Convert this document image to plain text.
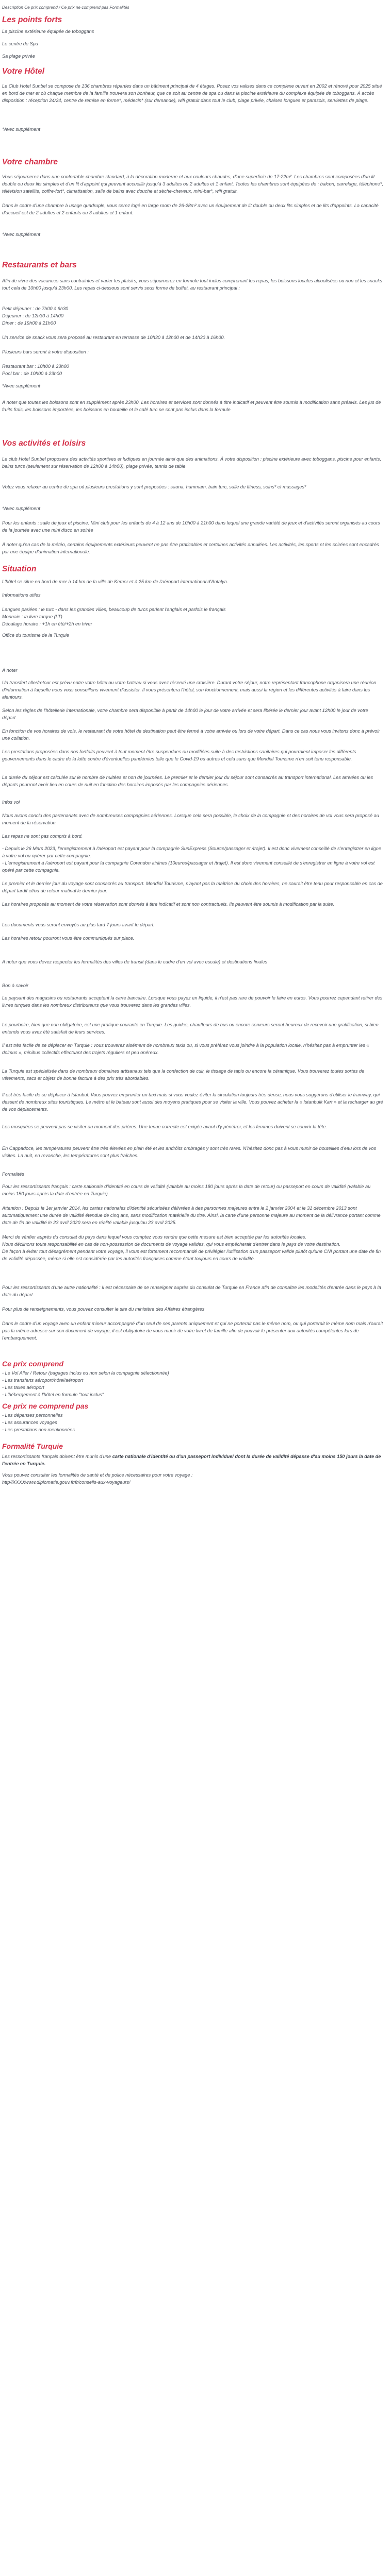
Description Ce prix comprend / Ce prix ne comprend pas Formalités

Les points forts

La piscine extérieure équipée de toboggans

Le centre de Spa

Sa plage privée

Votre Hôtel

Le Club Hotel Sunbel se compose de 136 chambres réparties dans un bâtiment principal de 4 étages. Posez vos valises dans ce complexe ouvert en 2002 et rénové pour 2025 situé en bord de mer et où chaque membre de la famille trouvera son bonheur, que ce soit au centre de spa ou dans la piscine extérieure du complexe équipée de toboggans. À accès
disposition : réception 24/24, centre de remise en forme*, médecin* (sur demande), wifi gratuit dans tout le club, plage privée, chaises longues et parasols, serviettes de plage.

*Avec supplément

Votre chambre

Vous séjournerez dans une confortable chambre standard, à la décoration moderne et aux couleurs chaudes, d'une superficie de 17-22m². Les chambres sont composées d'un lit double ou deux lits simples et d'un lit d'appoint qui peuvent accueillir jusqu'à 3 adultes ou 2 adultes et 1 enfant. Toutes les chambres sont équipées de : balcon, carrelage, téléphone*, télévision satellite, coffre-fort*, climatisation, salle de bains avec douche et sèche-cheveux, mini-bar*, wifi gratuit.

Dans le cadre d'une chambre à usage quadruple, vous serez logé en large room de 26-28m² avec un équipement de lit double ou deux lits simples et de lits d'appoints. La capacité d'accueil est de 2 adultes et 2 enfants ou 3 adultes et 1 enfant.

*Avec supplément

Restaurants et bars

Afin de vivre des vacances sans contraintes et varier les plaisirs, vous séjournerez en formule tout inclus comprenant les repas, les boissons locales alcoolisées ou non et les snacks tout cela de 10h00 jusqu'à 23h00. Les repas ci-dessous sont servis sous forme de buffet, au restaurant principal :

Petit déjeuner : de 7h00 à 9h30
Déjeuner : de 12h30 à 14h00
Dîner : de 19h00 à 21h00

Un service de snack vous sera proposé au restaurant en terrasse de 10h30 à 12h00 et de 14h30 à 16h00.

Plusieurs bars seront à votre disposition :

Restaurant bar : 10h00 à 23h00
Pool bar : de 10h00 à 23h00

*Avec supplément

À noter que toutes les boissons sont en supplément après 23h00. Les horaires et services sont donnés à titre indicatif et peuvent être soumis à modification sans préavis. Les jus de fruits frais, les boissons importées, les boissons en bouteille et le café turc ne sont pas inclus dans la formule

Vos activités et loisirs

Le club Hotel Sunbel proposera des activités sportives et ludiques en journée ainsi que des animations. À votre disposition : piscine extérieure avec toboggans, piscine pour enfants, bains turcs (seulement sur réservation de 12h00 à 14h00), plage privée, tennis de table

Votez vous relaxer au centre de spa où plusieurs prestations y sont proposées : sauna, hammam, bain turc, salle de fitness, soins* et massages*

*Avec supplément

Pour les enfants : salle de jeux et piscine. Mini club pour les enfants de 4 à 12 ans de 10h00 à 21h00 dans lequel une grande variété de jeux et d'activités seront organisés au cours de la journée avec une mini disco en soirée

À noter qu'en cas de la météo, certains équipements extérieurs peuvent ne pas être praticables et certaines activités annulées. Les activités, les sports et les soirées sont encadrés par une équipe d'animation internationale.

Situation

L'hôtel se situe en bord de mer à 14 km de la ville de Kemer et à 25 km de l'aéroport international d'Antalya.

Informations utiles

Langues parlées : le turc - dans les grandes villes, beaucoup de turcs parlent l'anglais et parfois le français
Monnaie : la livre turque (LT)
Décalage horaire : +1h en été/+2h en hiver

Office du tourisme de la Turquie

À noter

Un transfert aller/retour est prévu entre votre hôtel ou votre bateau si vous avez réservé une croisière. Durant votre séjour, notre représentant francophone organisera une réunion d'information à laquelle nous vous conseillons vivement d'assister. Il vous présentera l'hôtel, son fonctionnement, mais aussi la région et les différentes activités à faire dans les alentours.

Selon les règles de l'hôtellerie internationale, votre chambre sera disponible à partir de 14h00 le jour de votre arrivée et sera libérée le dernier jour avant 12h00 le jour de votre départ.

En fonction de vos horaires de vols, le restaurant de votre hôtel de destination peut être fermé à votre arrivée ou lors de votre départ. Dans ce cas nous vous invitons donc à prévoir une collation.

Les prestations proposées dans nos fortfaits peuvent à tout moment être suspendues ou modifiées suite à des restrictions sanitaires qui pourraient imposer les différents gouvernements dans le cadre de la lutte contre d'éventuelles pandémies telle que le Covid-19 ou autres et cela sans que Mondial Tourisme n'en soit tenu responsable.

La durée du séjour est calculée sur le nombre de nuitées et non de journées. Le premier et le dernier jour du séjour sont consacrés au transport international. Les arrivées ou les départs pourront avoir lieu en cours de nuit en fonction des horaires imposés par les compagnies aériennes.

Infos vol

Nous avons conclu des partenariats avec de nombreuses compagnies aériennes. Lorsque cela sera possible, le choix de la compagnie et des horaires de vol vous sera proposé au moment de la réservation.

Les repas ne sont pas compris à bord.

- Depuis le 26 Mars 2023, l'enregistrement à l'aéroport est payant pour la compagnie SunExpress (Source/passager et /trajet). Il est donc vivement conseillé de s'enregistrer en ligne à votre vol ou opérer par cette compagnie.
- L'enregistrement à l'aéroport est payant pour la compagnie Corendon airlines (10euros/passager et /trajet). Il est donc vivement conseillé de s'enregistrer en ligne à votre vol est opéré par cette compagnie.

Le premier et le dernier jour du voyage sont consacrés au transport. Mondial Tourisme, n'ayant pas la maîtrise du choix des horaires, ne saurait être tenu pour responsable en cas de départ tardif et/ou de retour matinal le dernier jour.

Les horaires proposés au moment de votre réservation sont donnés à titre indicatif et sont non contractuels. Ils peuvent être soumis à modification par la suite.

Les documents vous seront envoyés au plus tard 7 jours avant le départ.

Les horaires retour pourront vous être communiqués sur place.

A noter que vous devez respecter les formalités des villes de transit (dans le cadre d'un vol avec escale) et destinations finales

Bon à savoir

Le paysant des magasins ou restaurants acceptent la carte bancaire. Lorsque vous payez en liquide, il n'est pas rare de pouvoir le faire en euros. Vous pourrez cependant retirer des livres turques dans les nombreux distributeurs que vous trouverez dans les grandes villes.

Le pourboire, bien que non obligatoire, est une pratique courante en Turquie. Les guides, chauffeurs de bus ou encore serveurs seront heureux de recevoir une gratification, si bien entendu vous avez été satisfait de leurs services.

Il est très facile de se déplacer en Turquie : vous trouverez aisément de nombreux taxis ou, si vous préférez vous joindre à la population locale, n'hésitez pas à emprunter les « dolmus », minibus collectifs effectuant des trajets réguliers et peu onéreux.

La Turquie est spécialisée dans de nombreux domaines artisanaux tels que la confection de cuir, le tissage de tapis ou encore la céramique. Vous trouverez toutes sortes de vêtements, sacs et objets de bonne facture à des prix très abordables.

Il est très facile de se déplacer à Istanbul. Vous pouvez emprunter un taxi mais si vous voulez éviter la circulation toujours très dense, nous vous suggérons d'utiliser le tramway, qui dessert de nombreux sites touristiques. Le métro et le bateau sont aussi des moyens pratiques pour se visiter la ville. Vous pouvez acheter la « Istanbulk Kart » et la recharger au gré de vos déplacements.

Les mosquées se peuvent pas se visiter au moment des prières. Une tenue correcte est exigée avant d'y pénétrer, et les femmes doivent se couvrir la tête.

En Cappadoce, les températures peuvent être très élevées en plein été et les andrôits ombragés y sont très rares. N'hésitez donc pas à vous munir de bouteilles d'eau lors de vos visites. La nuit, en revanche, les températures sont plus fraîches.

Formalités

Pour les ressortissants français : carte nationale d'identité en cours de validité (valable au moins 180 jours après la date de retour) ou passeport en cours de validité (valable au moins 150 jours après la date d'entrée en Turquie).

Attention : Depuis le 1er janvier 2014, les cartes nationales d'identité sécurisées délivrées à des personnes majeures entre le 2 janvier 2004 et le 31 décembre 2013 sont automatiquement une durée de validité étendue de cinq ans, sans modification matérielle du titre. Ainsi, la carte d'une personne majeure au moment de la délivrance portant comme date de fin de validité le 23 avril 2020 sera en réalité valable jusqu'au 23 avril 2025.

Merci de vérifier auprès du consulat du pays dans lequel vous comptez vous rendre que cette mesure est bien acceptée par les autorités locales.
Nous déclinons toute responsabilité en cas de non-possession de documents de voyage valides, qui vous empêcherait d'entrer dans le pays de votre destination.
De façon à éviter tout désagrément pendant votre voyage, il vous est fortement recommandé de privilégier l'utilisation d'un passeport valide plutôt qu'une CNI portant une date de fin de validité dépassée, même si elle est considérée par les autorités françaises comme étant toujours en cours de validité.

Pour les ressortissants d'une autre nationalité : Il est nécessaire de se renseigner auprès du consulat de Turquie en France afin de connaître les modalités d'entrée dans le pays à la date du départ.

Pour plus de renseignements, vous pouvez consulter le site du ministère des Affaires étrangères

Dans le cadre d'un voyage avec un enfant mineur accompagné d'un seul de ses parents uniquement et qui ne porterait pas le même nom, ou qui porterait le même nom mais n'aurait pas la même adresse sur son document de voyage, il est obligatoire de vous munir de votre livret de famille afin de pouvoir le présenter aux autorités compétentes lors de l'embarquement.

Ce prix comprend

- Le Vol Aller / Retour (bagages inclus ou non selon la compagnie sélectionnée)
- Les transferts aéroport/hôtel/aéroport
- Les taxes aéroport
- L'hébergement à l'hôtel en formule "tout inclus"

Ce prix ne comprend pas

- Les dépenses personnelles
- Les assurances voyages
- Les prestations non mentionnées

Formalité Turquie

Les ressortissants français doivent être munis d'une carte nationale d'identité ou d'un passeport individuel dont la durée de validité dépasse d'au moins 150 jours la date de l'entrée en Turquie.

Vous pouvez consulter les formalités de santé et de police nécessaires pour votre voyage :

http//XXXXwww.diplomatie.gouv.fr/fr/conseils-aux-voyageurs/
